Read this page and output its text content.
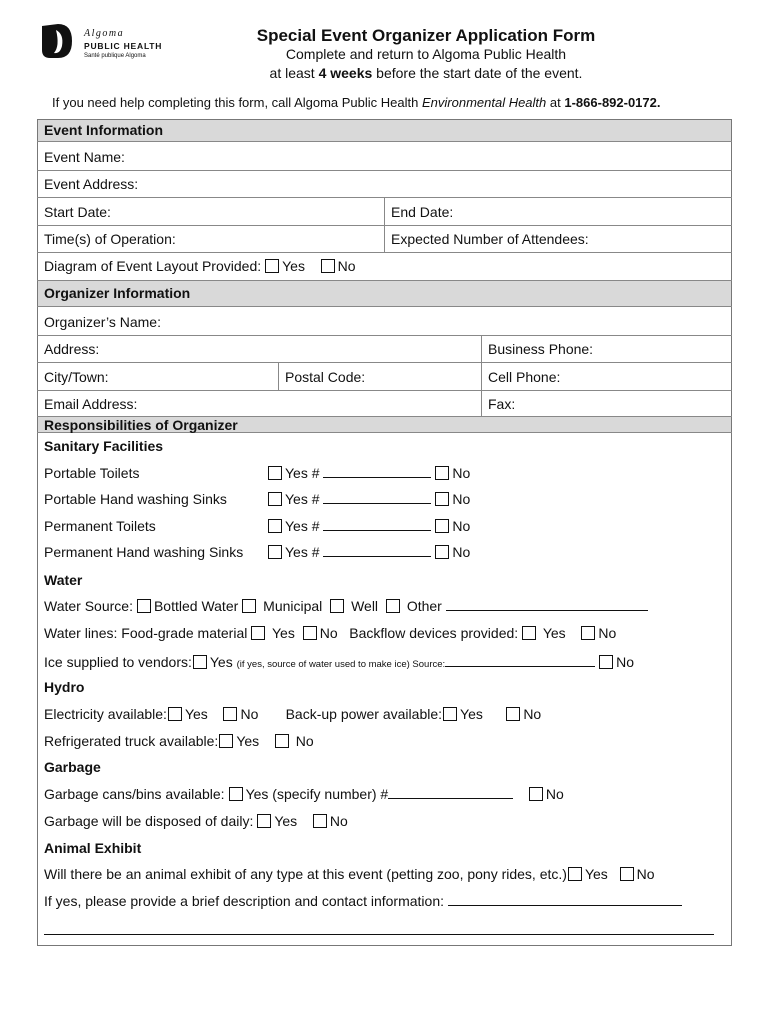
Algoma
PUBLIC HEALTH
Santé publique Algoma
Special Event Organizer Application Form
Complete and return to Algoma Public Health
at least 4 weeks before the start date of the event.
If you need help completing this form, call Algoma Public Health Environmental Health at 1-866-892-0172.
Event Information
Event Name:
Event Address:
Start Date:	End Date:
Time(s) of Operation:	Expected Number of Attendees:
Diagram of Event Layout Provided: Yes No
Organizer Information
Organizer’s Name:
Address:	Business Phone:
City/Town:	Postal Code:	Cell Phone:
Email Address:	Fax:
Responsibilities of Organizer
Sanitary Facilities
Portable Toilets	Yes #	No
Portable Hand washing Sinks	Yes #	No
Permanent Toilets	Yes #	No
Permanent Hand washing Sinks	Yes #	No
Water
Water Source: Bottled Water Municipal Well Other
Water lines: Food-grade material Yes No Backflow devices provided: Yes No
Ice supplied to vendors: Yes (if yes, source of water used to make ice) Source:	No
Hydro
Electricity available: Yes No Back-up power available: Yes	No
Refrigerated truck available: Yes	No
Garbage
Garbage cans/bins available: Yes (specify number) #	No
Garbage will be disposed of daily: Yes No
Animal Exhibit
Will there be an animal exhibit of any type at this event (petting zoo, pony rides, etc.) Yes No
If yes, please provide a brief description and contact information:
